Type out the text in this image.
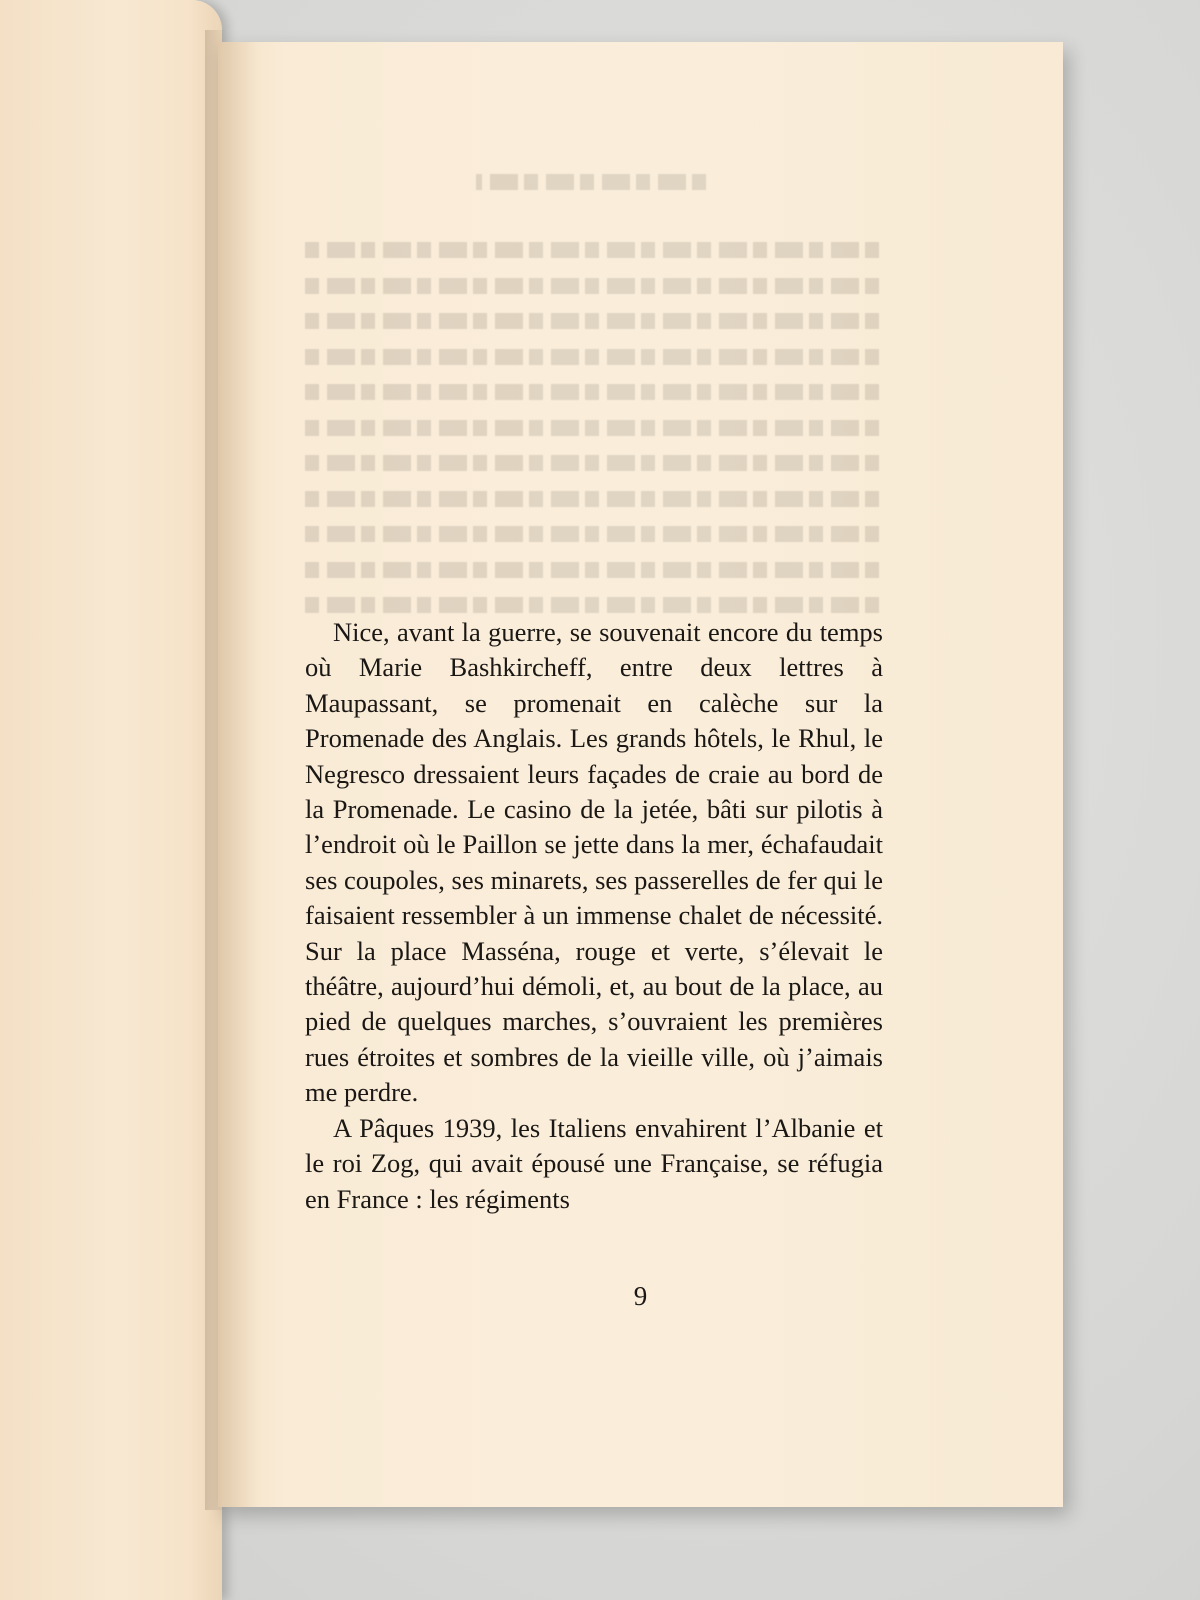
Nice, avant la guerre, se souvenait encore du temps où Marie Bashkircheff, entre deux lettres à Maupassant, se promenait en calèche sur la Promenade des Anglais. Les grands hôtels, le Rhul, le Negresco dressaient leurs façades de craie au bord de la Promenade. Le casino de la jetée, bâti sur pilotis à l’endroit où le Paillon se jette dans la mer, échafaudait ses coupoles, ses minarets, ses passerelles de fer qui le faisaient ressembler à un immense chalet de nécessité. Sur la place Masséna, rouge et verte, s’élevait le théâtre, aujourd’hui démoli, et, au bout de la place, au pied de quelques marches, s’ouvraient les premières rues étroites et sombres de la vieille ville, où j’aimais me perdre.

A Pâques 1939, les Italiens envahirent l’Albanie et le roi Zog, qui avait épousé une Française, se réfugia en France : les régiments

9
